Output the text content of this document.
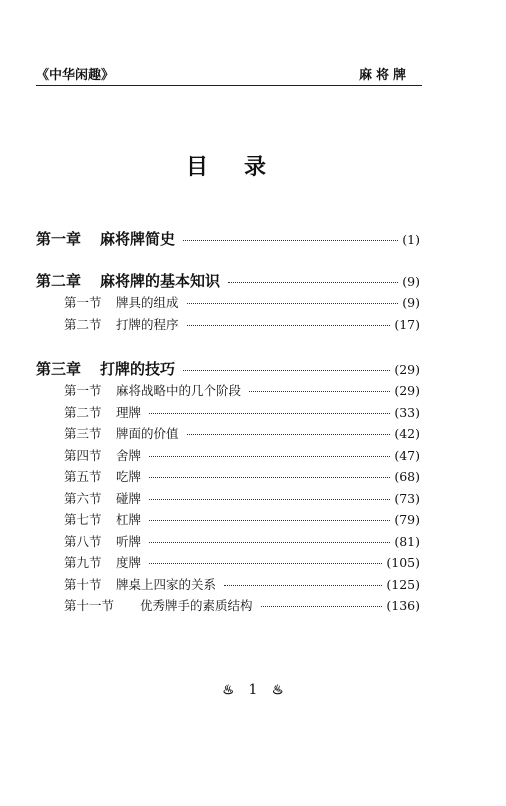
《中华闲趣》	麻将牌
目录
第一章	麻将牌简史	(1)
第二章	麻将牌的基本知识	(9)
第一节	牌具的组成	(9)
第二节	打牌的程序	(17)
第三章	打牌的技巧	(29)
第一节	麻将战略中的几个阶段	(29)
第二节	理牌	(33)
第三节	牌面的价值	(42)
第四节	舍牌	(47)
第五节	吃牌	(68)
第六节	碰牌	(73)
第七节	杠牌	(79)
第八节	听牌	(81)
第九节	度牌	(105)
第十节	牌桌上四家的关系	(125)
第十一节	优秀牌手的素质结构	(136)
♨ 1 ♨
